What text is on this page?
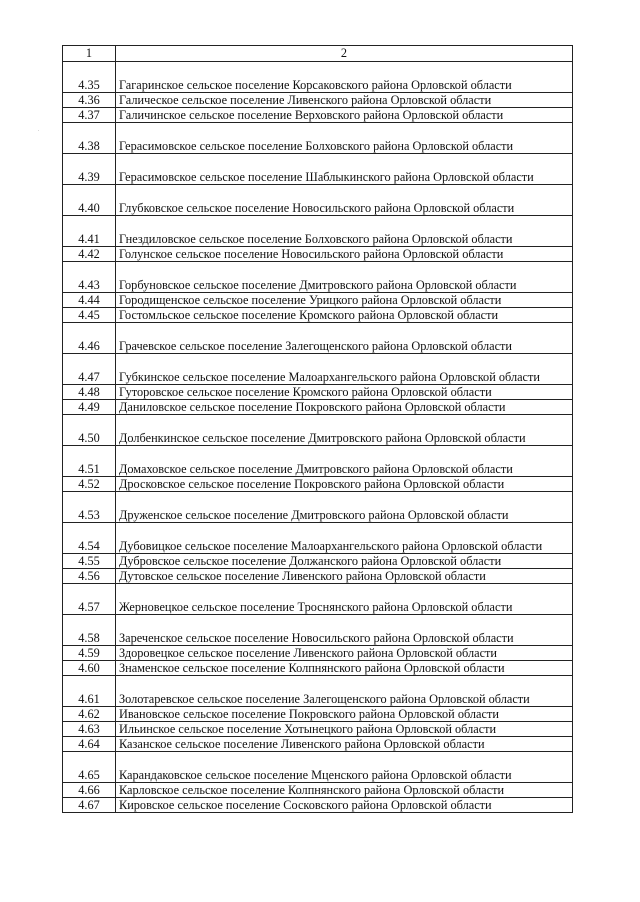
1	2
4.35	Гагаринское сельское поселение Корсаковского района Орловской области
4.36	Галическое сельское поселение Ливенского района Орловской области
4.37	Галичинское сельское поселение Верховского района Орловской области
4.38	Герасимовское сельское поселение Болховского района Орловской области
4.39	Герасимовское сельское поселение Шаблыкинского района Орловской области
4.40	Глубковское сельское поселение Новосильского района Орловской области
4.41	Гнездиловское сельское поселение Болховского района Орловской области
4.42	Голунское сельское поселение Новосильского района Орловской области
4.43	Горбуновское сельское поселение Дмитровского района Орловской области
4.44	Городищенское сельское поселение Урицкого района Орловской области
4.45	Гостомльское сельское поселение Кромского района Орловской области
4.46	Грачевское сельское поселение Залегощенского района Орловской области
4.47	Губкинское сельское поселение Малоархангельского района Орловской области
4.48	Гуторовское сельское поселение Кромского района Орловской области
4.49	Даниловское сельское поселение Покровского района Орловской области
4.50	Долбенкинское сельское поселение Дмитровского района Орловской области
4.51	Домаховское сельское поселение Дмитровского района Орловской области
4.52	Дросковское сельское поселение Покровского района Орловской области
4.53	Друженское сельское поселение Дмитровского района Орловской области
4.54	Дубовицкое сельское поселение Малоархангельского района Орловской области
4.55	Дубровское сельское поселение Должанского района Орловской области
4.56	Дутовское сельское поселение Ливенского района Орловской области
4.57	Жерновецкое сельское поселение Троснянского района Орловской области
4.58	Зареченское сельское поселение Новосильского района Орловской области
4.59	Здоровецкое сельское поселение Ливенского района Орловской области
4.60	Знаменское сельское поселение Колпнянского района Орловской области
4.61	Золотаревское сельское поселение Залегощенского района Орловской области
4.62	Ивановское сельское поселение Покровского района Орловской области
4.63	Ильинское сельское поселение Хотынецкого района Орловской области
4.64	Казанское сельское поселение Ливенского района Орловской области
4.65	Карандаковское сельское поселение Мценского района Орловской области
4.66	Карловское сельское поселение Колпнянского района Орловской области
4.67	Кировское сельское поселение Сосковского района Орловской области
